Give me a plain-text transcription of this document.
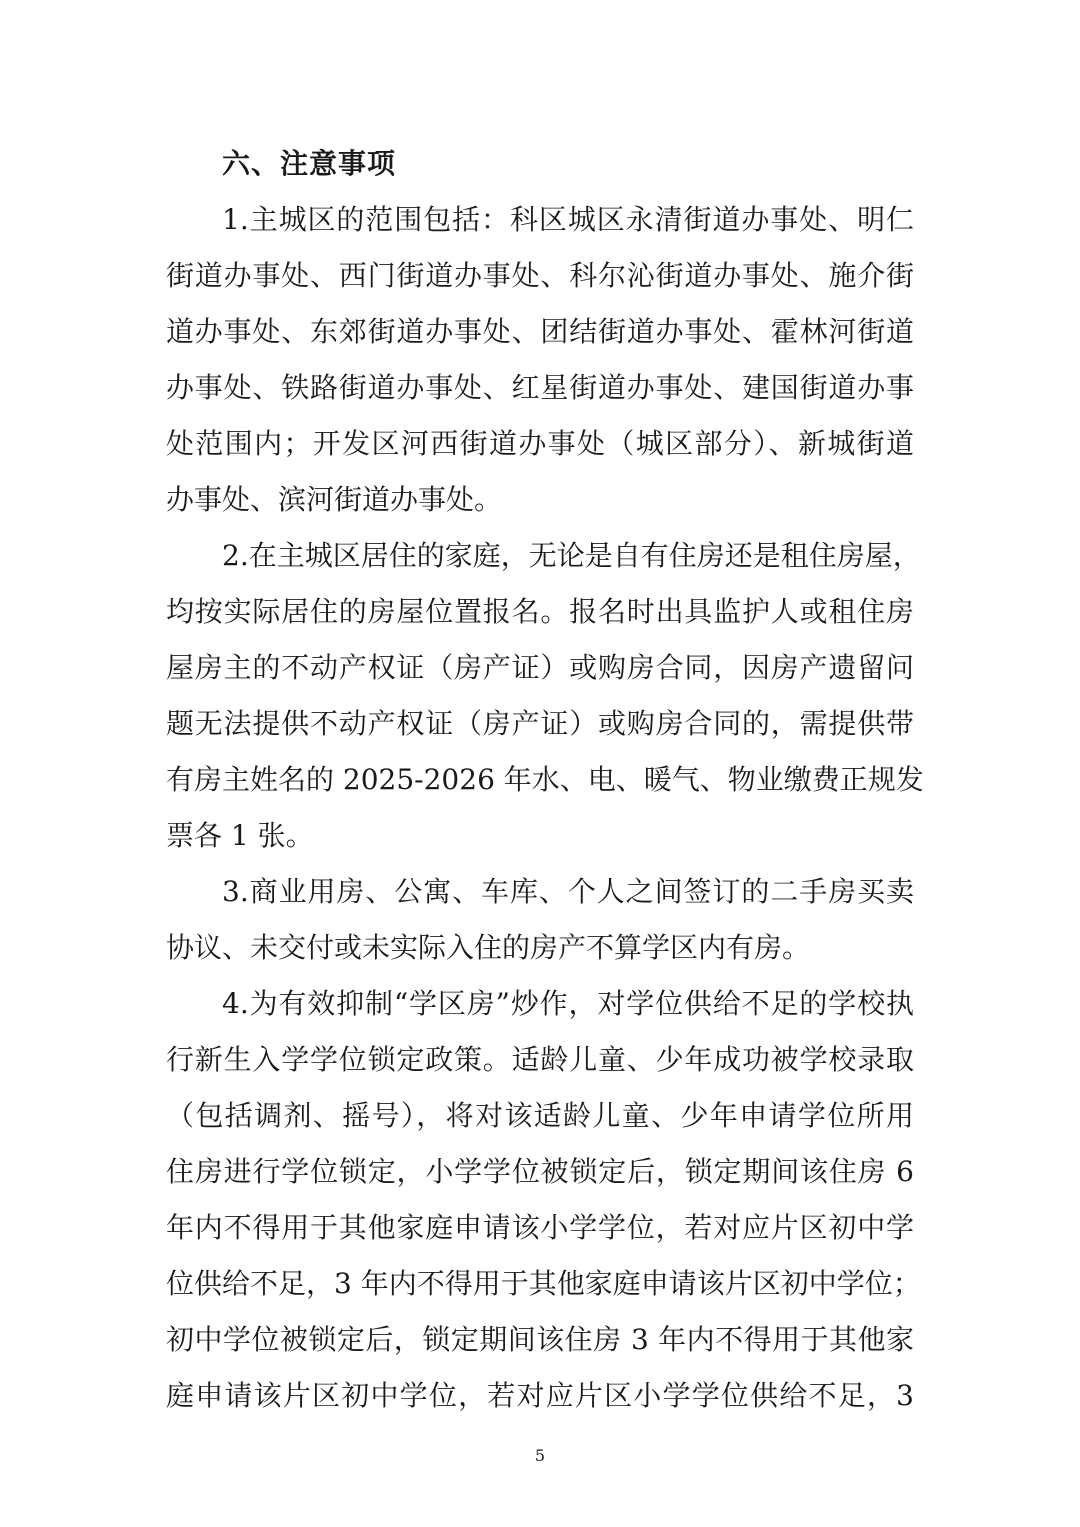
六、注意事项
1.主城区的范围包括：科区城区永清街道办事处、明仁
街道办事处、西门街道办事处、科尔沁街道办事处、施介街
道办事处、东郊街道办事处、团结街道办事处、霍林河街道
办事处、铁路街道办事处、红星街道办事处、建国街道办事
处范围内；开发区河西街道办事处（城区部分）、新城街道
办事处、滨河街道办事处。
2.在主城区居住的家庭，无论是自有住房还是租住房屋，
均按实际居住的房屋位置报名。报名时出具监护人或租住房
屋房主的不动产权证（房产证）或购房合同，因房产遗留问
题无法提供不动产权证（房产证）或购房合同的，需提供带
有房主姓名的 2025-2026 年水、电、暖气、物业缴费正规发
票各 1 张。
3.商业用房、公寓、车库、个人之间签订的二手房买卖
协议、未交付或未实际入住的房产不算学区内有房。
4.为有效抑制“学区房”炒作，对学位供给不足的学校执
行新生入学学位锁定政策。适龄儿童、少年成功被学校录取
（包括调剂、摇号），将对该适龄儿童、少年申请学位所用
住房进行学位锁定，小学学位被锁定后，锁定期间该住房 6
年内不得用于其他家庭申请该小学学位，若对应片区初中学
位供给不足，3 年内不得用于其他家庭申请该片区初中学位；
初中学位被锁定后，锁定期间该住房 3 年内不得用于其他家
庭申请该片区初中学位，若对应片区小学学位供给不足，3
5
